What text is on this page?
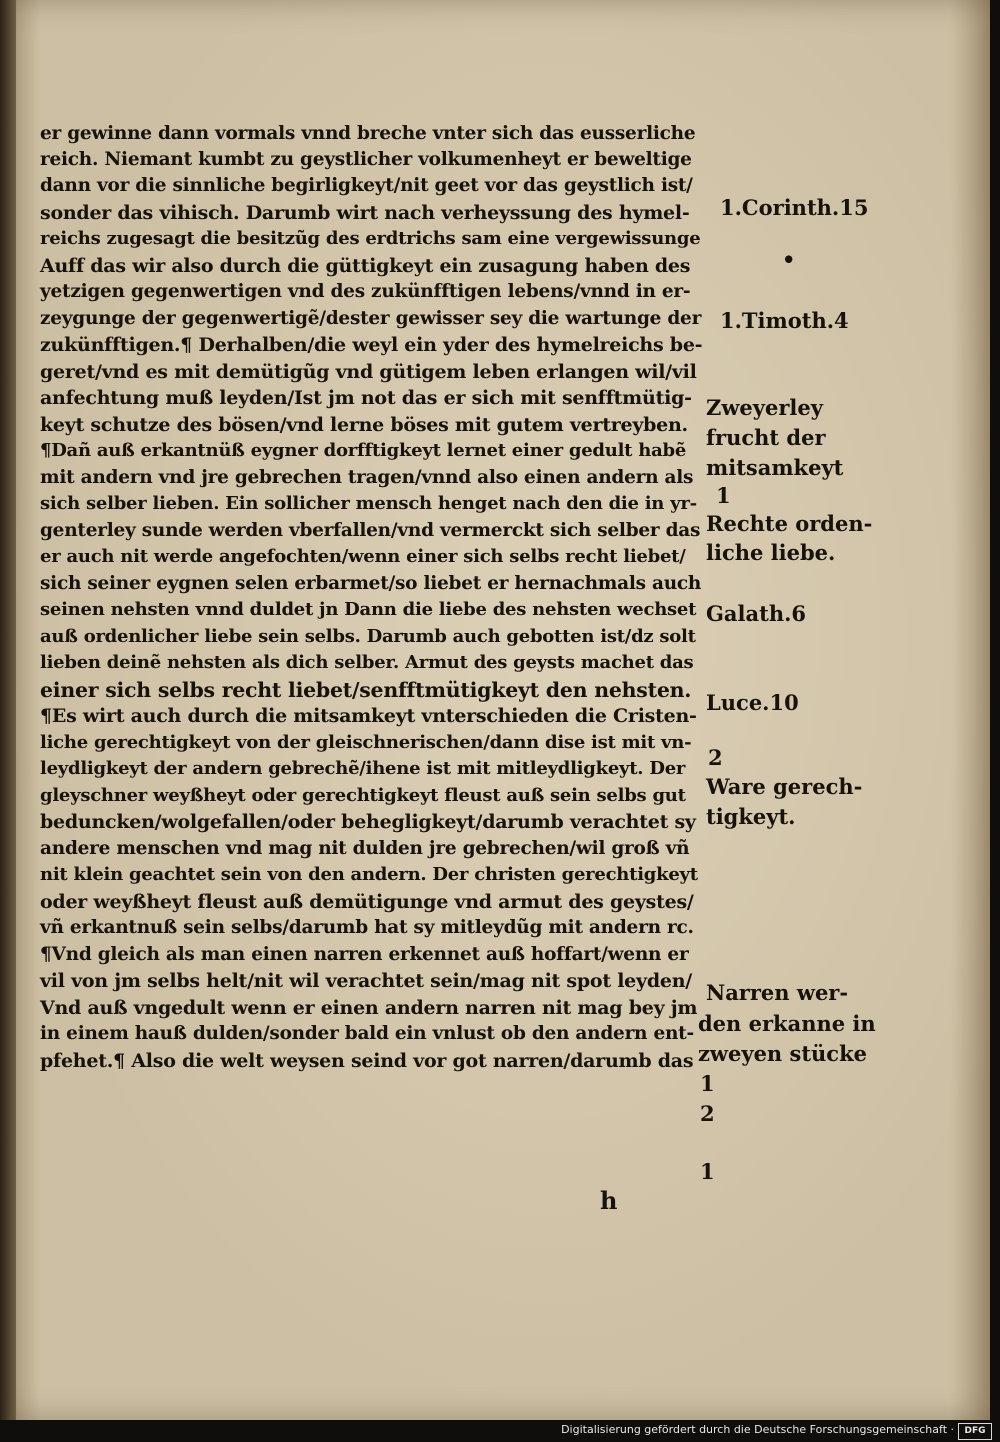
er gewinne dann vormals vnnd breche vnter sich das eusserliche
reich. Niemant kumbt zu geystlicher volkumenheyt er beweltige
dann vor die sinnliche begirligkeyt/nit geet vor das geystlich ist/
sonder das vihisch. Darumb wirt nach verheyssung des hymel-
reichs zugesagt die besitzũg des erdtrichs sam eine vergewissunge
Auff das wir also durch die güttigkeyt ein zusagung haben des
yetzigen gegenwertigen vnd des zukünfftigen lebens/vnnd in er-
zeygunge der gegenwertigẽ/dester gewisser sey die wartunge der
zukünfftigen.¶ Derhalben/die weyl ein yder des hymelreichs be-
geret/vnd es mit demütigũg vnd gütigem leben erlangen wil/vil
anfechtung muß leyden/Ist jm not das er sich mit senfftmütig-
keyt schutze des bösen/vnd lerne böses mit gutem vertreyben.
¶Dañ auß erkantnüß eygner dorfftigkeyt lernet einer gedult habẽ
mit andern vnd jre gebrechen tragen/vnnd also einen andern als
sich selber lieben. Ein sollicher mensch henget nach den die in yr-
genterley sunde werden vberfallen/vnd vermerckt sich selber das
er auch nit werde angefochten/wenn einer sich selbs recht liebet/
sich seiner eygnen selen erbarmet/so liebet er hernachmals auch
seinen nehsten vnnd duldet jn Dann die liebe des nehsten wechset
auß ordenlicher liebe sein selbs. Darumb auch gebotten ist/dz solt
lieben deinẽ nehsten als dich selber. Armut des geysts machet das
einer sich selbs recht liebet/senfftmütigkeyt den nehsten.
¶Es wirt auch durch die mitsamkeyt vnterschieden die Cristen-
liche gerechtigkeyt von der gleischnerischen/dann dise ist mit vn-
leydligkeyt der andern gebrechẽ/ihene ist mit mitleydligkeyt. Der
gleyschner weyßheyt oder gerechtigkeyt fleust auß sein selbs gut
beduncken/wolgefallen/oder behegligkeyt/darumb verachtet sy
andere menschen vnd mag nit dulden jre gebrechen/wil groß vñ
nit klein geachtet sein von den andern. Der christen gerechtigkeyt
oder weyßheyt fleust auß demütigunge vnd armut des geystes/
vñ erkantnuß sein selbs/darumb hat sy mitleydũg mit andern rc.
¶Vnd gleich als man einen narren erkennet auß hoffart/wenn er
vil von jm selbs helt/nit wil verachtet sein/mag nit spot leyden/
Vnd auß vngedult wenn er einen andern narren nit mag bey jm
in einem hauß dulden/sonder bald ein vnlust ob den andern ent-
pfehet.¶ Also die welt weysen seind vor got narren/darumb das
1.Corinth.15
•
1.Timoth.4
Zweyerley
frucht der
mitsamkeyt
1
Rechte orden-
liche liebe.
Galath.6
Luce.10
2
Ware gerech-
tigkeyt.
Narren wer-
den erkanne in
zweyen stücke
1
2
1
h
Digitalisierung gefördert durch die Deutsche Forschungsgemeinschaft ·	DFG
